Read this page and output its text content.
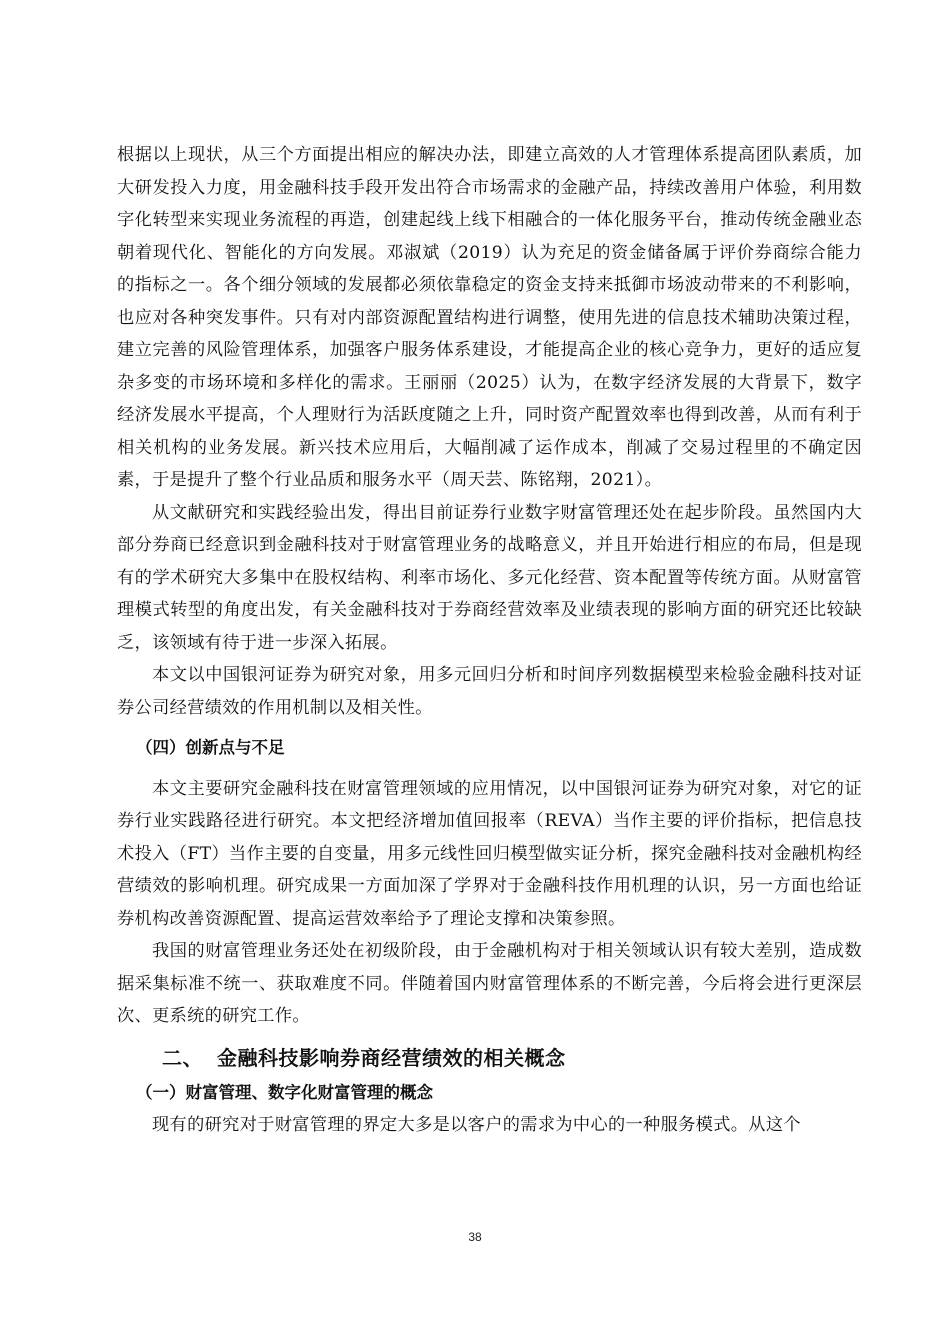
根据以上现状，从三个方面提出相应的解决办法，即建立高效的人才管理体系提高团队素质，加大研发投入力度，用金融科技手段开发出符合市场需求的金融产品，持续改善用户体验，利用数字化转型来实现业务流程的再造，创建起线上线下相融合的一体化服务平台，推动传统金融业态朝着现代化、智能化的方向发展。邓淑斌（2019）认为充足的资金储备属于评价券商综合能力的指标之一。各个细分领域的发展都必须依靠稳定的资金支持来抵御市场波动带来的不利影响，也应对各种突发事件。只有对内部资源配置结构进行调整，使用先进的信息技术辅助决策过程，建立完善的风险管理体系，加强客户服务体系建设，才能提高企业的核心竞争力，更好的适应复杂多变的市场环境和多样化的需求。王丽丽（2025）认为，在数字经济发展的大背景下，数字经济发展水平提高，个人理财行为活跃度随之上升，同时资产配置效率也得到改善，从而有利于相关机构的业务发展。新兴技术应用后，大幅削减了运作成本，削减了交易过程里的不确定因素，于是提升了整个行业品质和服务水平（周天芸、陈铭翔，2021）。

从文献研究和实践经验出发，得出目前证券行业数字财富管理还处在起步阶段。虽然国内大部分券商已经意识到金融科技对于财富管理业务的战略意义，并且开始进行相应的布局，但是现有的学术研究大多集中在股权结构、利率市场化、多元化经营、资本配置等传统方面。从财富管理模式转型的角度出发，有关金融科技对于券商经营效率及业绩表现的影响方面的研究还比较缺乏，该领域有待于进一步深入拓展。

本文以中国银河证券为研究对象，用多元回归分析和时间序列数据模型来检验金融科技对证券公司经营绩效的作用机制以及相关性。

（四）创新点与不足

本文主要研究金融科技在财富管理领域的应用情况，以中国银河证券为研究对象，对它的证券行业实践路径进行研究。本文把经济增加值回报率（REVA）当作主要的评价指标，把信息技术投入（FT）当作主要的自变量，用多元线性回归模型做实证分析，探究金融科技对金融机构经营绩效的影响机理。研究成果一方面加深了学界对于金融科技作用机理的认识，另一方面也给证券机构改善资源配置、提高运营效率给予了理论支撑和决策参照。

我国的财富管理业务还处在初级阶段，由于金融机构对于相关领域认识有较大差别，造成数据采集标准不统一、获取难度不同。伴随着国内财富管理体系的不断完善，今后将会进行更深层次、更系统的研究工作。

二、 金融科技影响券商经营绩效的相关概念
（一）财富管理、数字化财富管理的概念

现有的研究对于财富管理的界定大多是以客户的需求为中心的一种服务模式。从这个

38
